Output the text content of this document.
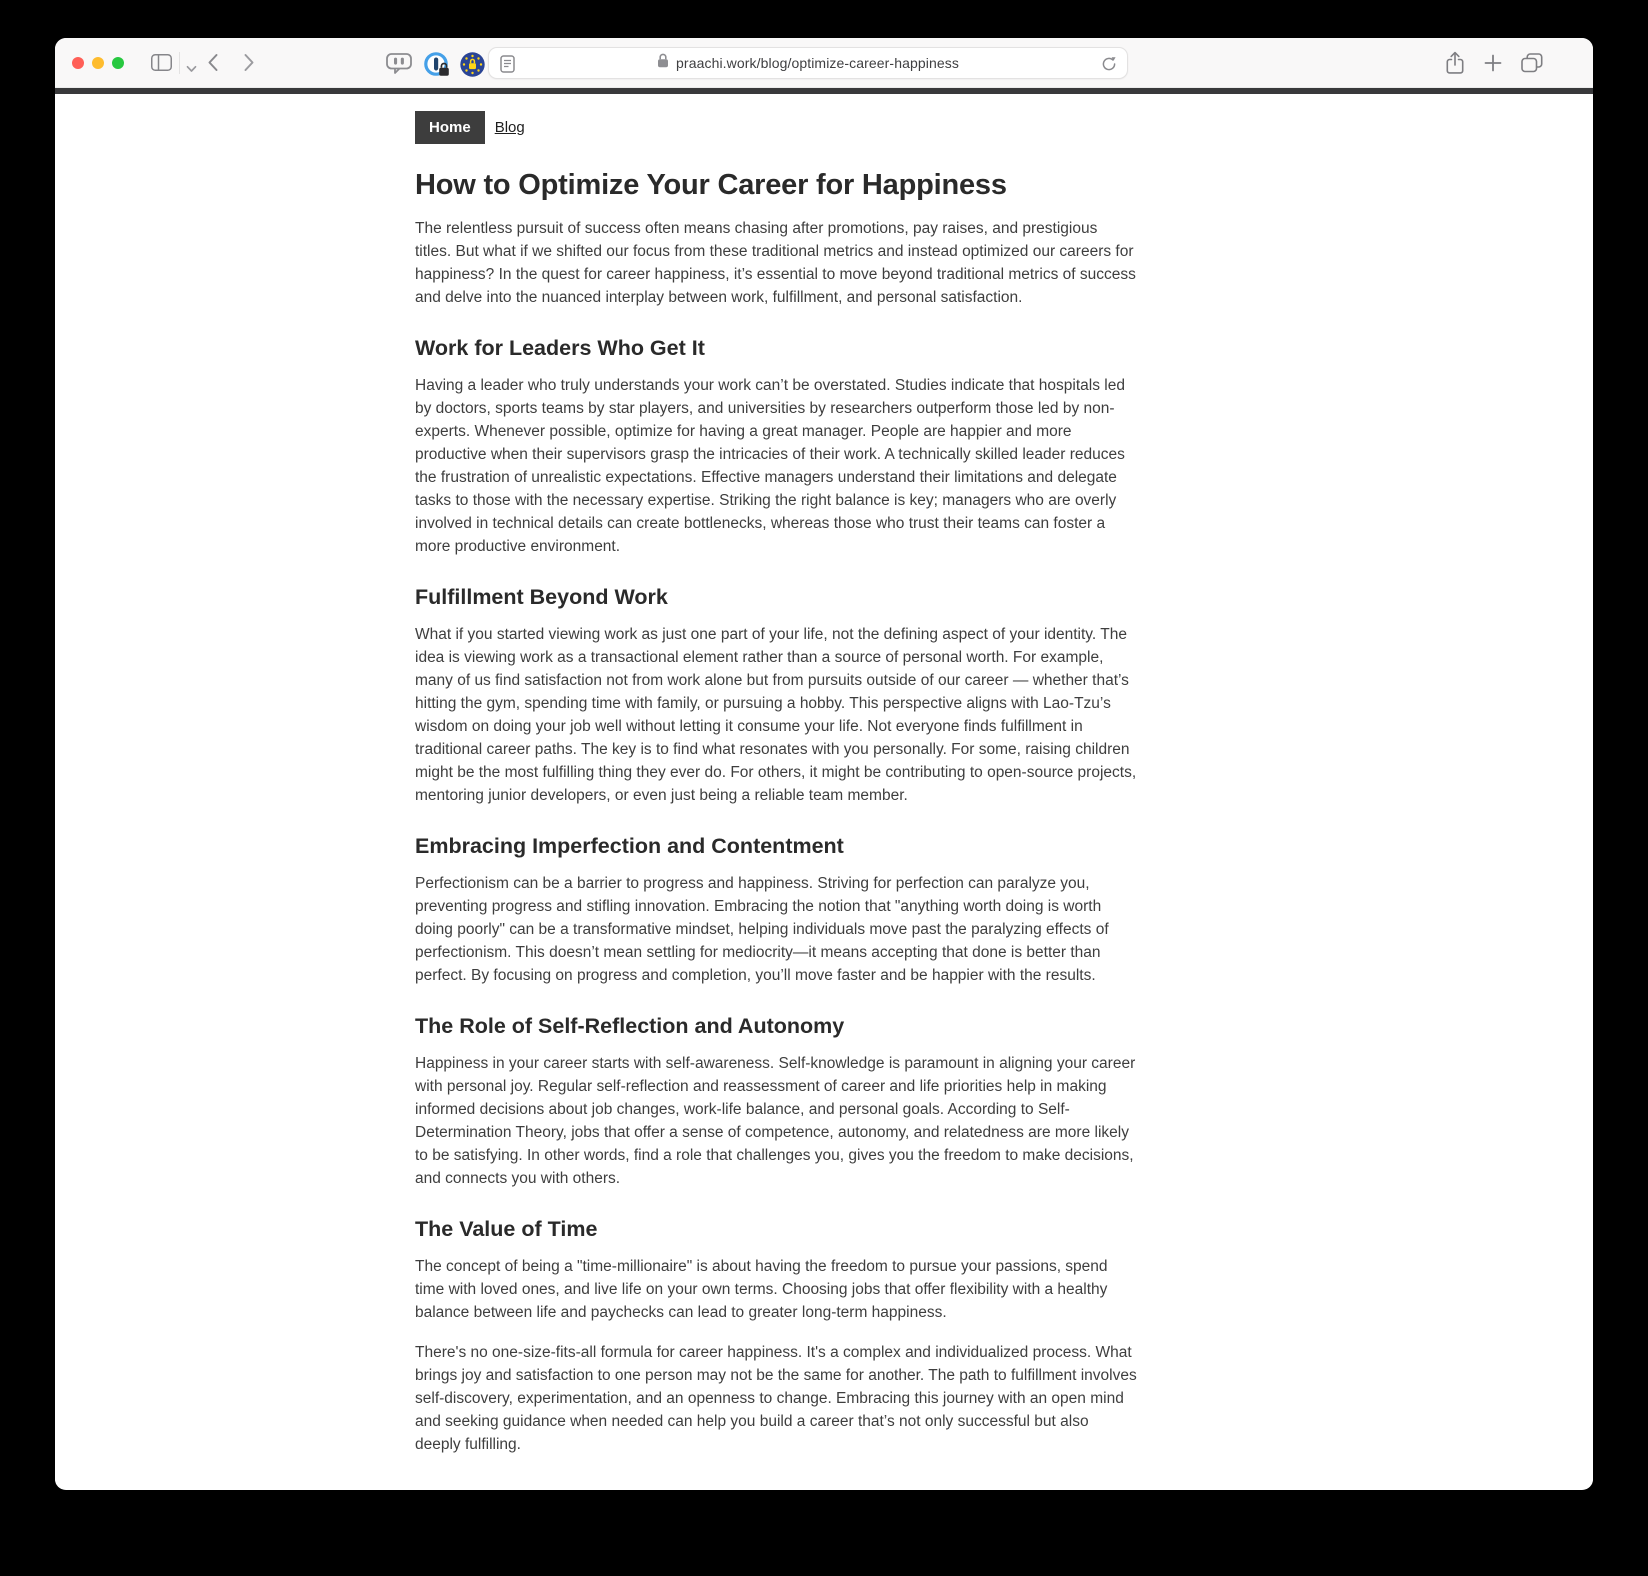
praachi.work/blog/optimize-career-happiness
Home	Blog
How to Optimize Your Career for Happiness

The relentless pursuit of success often means chasing after promotions, pay raises, and prestigious titles. But what if we shifted our focus from these traditional metrics and instead optimized our careers for happiness? In the quest for career happiness, it’s essential to move beyond traditional metrics of success and delve into the nuanced interplay between work, fulfillment, and personal satisfaction.

Work for Leaders Who Get It

Having a leader who truly understands your work can’t be overstated. Studies indicate that hospitals led by doctors, sports teams by star players, and universities by researchers outperform those led by non-experts. Whenever possible, optimize for having a great manager. People are happier and more productive when their supervisors grasp the intricacies of their work. A technically skilled leader reduces the frustration of unrealistic expectations. Effective managers understand their limitations and delegate tasks to those with the necessary expertise. Striking the right balance is key; managers who are overly involved in technical details can create bottlenecks, whereas those who trust their teams can foster a more productive environment.

Fulfillment Beyond Work

What if you started viewing work as just one part of your life, not the defining aspect of your identity. The idea is viewing work as a transactional element rather than a source of personal worth. For example, many of us find satisfaction not from work alone but from pursuits outside of our career — whether that’s hitting the gym, spending time with family, or pursuing a hobby. This perspective aligns with Lao-Tzu’s wisdom on doing your job well without letting it consume your life. Not everyone finds fulfillment in traditional career paths. The key is to find what resonates with you personally. For some, raising children might be the most fulfilling thing they ever do. For others, it might be contributing to open-source projects, mentoring junior developers, or even just being a reliable team member.

Embracing Imperfection and Contentment

Perfectionism can be a barrier to progress and happiness. Striving for perfection can paralyze you, preventing progress and stifling innovation. Embracing the notion that "anything worth doing is worth doing poorly" can be a transformative mindset, helping individuals move past the paralyzing effects of perfectionism. This doesn’t mean settling for mediocrity—it means accepting that done is better than perfect. By focusing on progress and completion, you’ll move faster and be happier with the results.

The Role of Self-Reflection and Autonomy

Happiness in your career starts with self-awareness. Self-knowledge is paramount in aligning your career with personal joy. Regular self-reflection and reassessment of career and life priorities help in making informed decisions about job changes, work-life balance, and personal goals. According to Self-Determination Theory, jobs that offer a sense of competence, autonomy, and relatedness are more likely to be satisfying. In other words, find a role that challenges you, gives you the freedom to make decisions, and connects you with others.

The Value of Time

The concept of being a "time-millionaire" is about having the freedom to pursue your passions, spend time with loved ones, and live life on your own terms. Choosing jobs that offer flexibility with a healthy balance between life and paychecks can lead to greater long-term happiness.

There's no one-size-fits-all formula for career happiness. It's a complex and individualized process. What brings joy and satisfaction to one person may not be the same for another. The path to fulfillment involves self-discovery, experimentation, and an openness to change. Embracing this journey with an open mind and seeking guidance when needed can help you build a career that’s not only successful but also deeply fulfilling.
